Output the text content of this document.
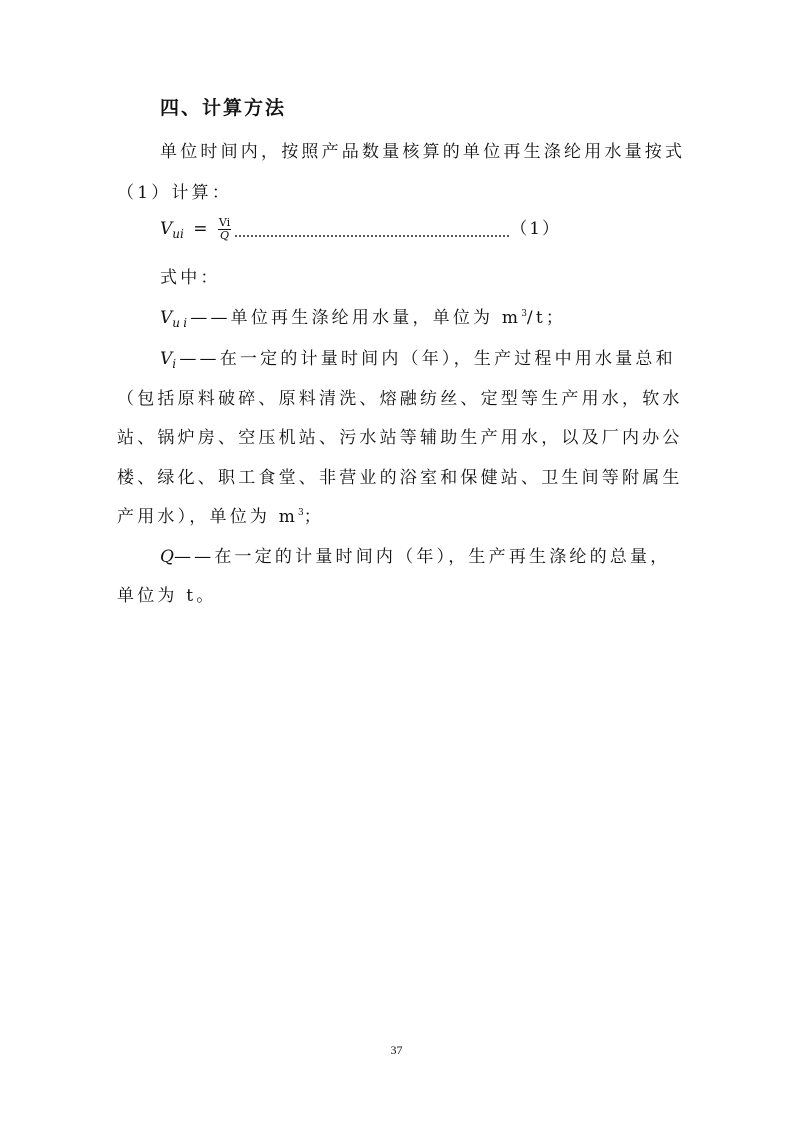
四、计算方法
单位时间内，按照产品数量核算的单位再生涤纶用水量按式
（1）计算：
$V_{ui} = \frac{Vi}{Q}$	（1）
式中：
$V_{ui}——$单位再生涤纶用水量，单位为 $m^3/t$；
$V_i——$在一定的计量时间内（年），生产过程中用水量总和
（包括原料破碎、原料清洗、熔融纺丝、定型等生产用水，软水
站、锅炉房、空压机站、污水站等辅助生产用水，以及厂内办公
楼、绿化、职工食堂、非营业的浴室和保健站、卫生间等附属生
产用水），单位为 $m^3$；
Q——在一定的计量时间内（年），生产再生涤纶的总量，
单位为 t。
37
